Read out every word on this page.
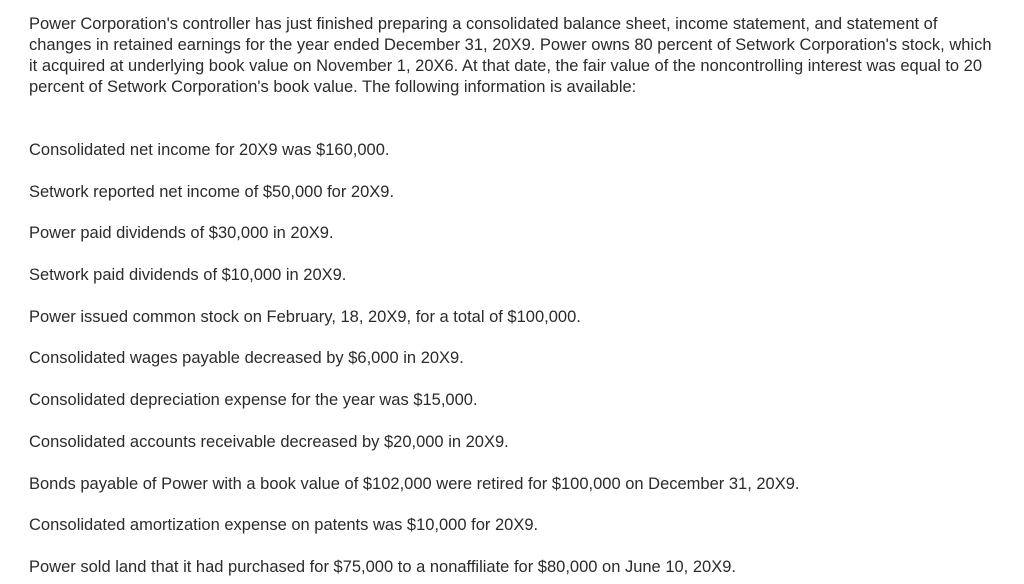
Power Corporation's controller has just finished preparing a consolidated balance sheet, income statement, and statement of changes in retained earnings for the year ended December 31, 20X9. Power owns 80 percent of Setwork Corporation's stock, which it acquired at underlying book value on November 1, 20X6. At that date, the fair value of the noncontrolling interest was equal to 20 percent of Setwork Corporation's book value. The following information is available:

Consolidated net income for 20X9 was $160,000.
Setwork reported net income of $50,000 for 20X9.
Power paid dividends of $30,000 in 20X9.
Setwork paid dividends of $10,000 in 20X9.
Power issued common stock on February, 18, 20X9, for a total of $100,000.
Consolidated wages payable decreased by $6,000 in 20X9.
Consolidated depreciation expense for the year was $15,000.
Consolidated accounts receivable decreased by $20,000 in 20X9.
Bonds payable of Power with a book value of $102,000 were retired for $100,000 on December 31, 20X9.
Consolidated amortization expense on patents was $10,000 for 20X9.
Power sold land that it had purchased for $75,000 to a nonaffiliate for $80,000 on June 10, 20X9.
